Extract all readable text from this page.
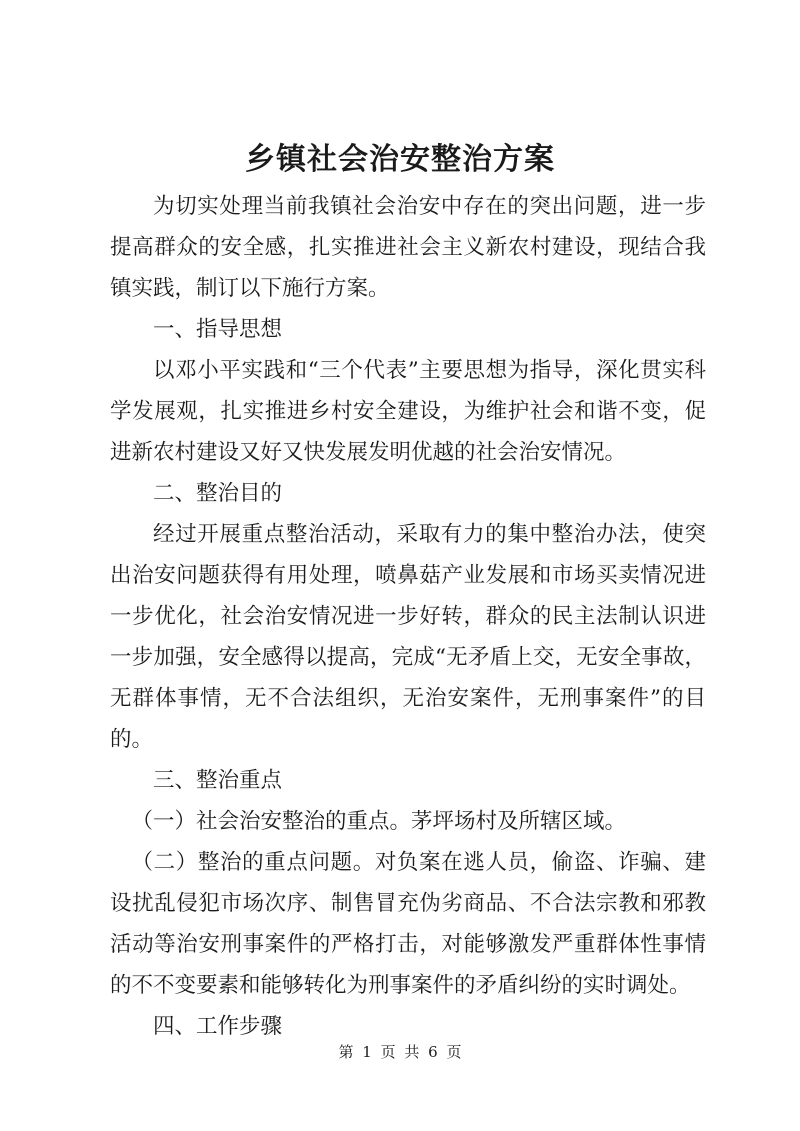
乡镇社会治安整治方案

为切实处理当前我镇社会治安中存在的突出问题，进一步提高群众的安全感，扎实推进社会主义新农村建设，现结合我镇实践，制订以下施行方案。

一、指导思想

以邓小平实践和“三个代表”主要思想为指导，深化贯实科学发展观，扎实推进乡村安全建设，为维护社会和谐不变，促进新农村建设又好又快发展发明优越的社会治安情况。

二、整治目的

经过开展重点整治活动，采取有力的集中整治办法，使突出治安问题获得有用处理，喷鼻菇产业发展和市场买卖情况进一步优化，社会治安情况进一步好转，群众的民主法制认识进一步加强，安全感得以提高，完成“无矛盾上交，无安全事故，无群体事情，无不合法组织，无治安案件，无刑事案件”的目的。

三、整治重点

（一）社会治安整治的重点。茅坪场村及所辖区域。

（二）整治的重点问题。对负案在逃人员，偷盗、诈骗、建设扰乱侵犯市场次序、制售冒充伪劣商品、不合法宗教和邪教活动等治安刑事案件的严格打击，对能够激发严重群体性事情的不不变要素和能够转化为刑事案件的矛盾纠纷的实时调处。

四、工作步骤

第 1 页 共 6 页
